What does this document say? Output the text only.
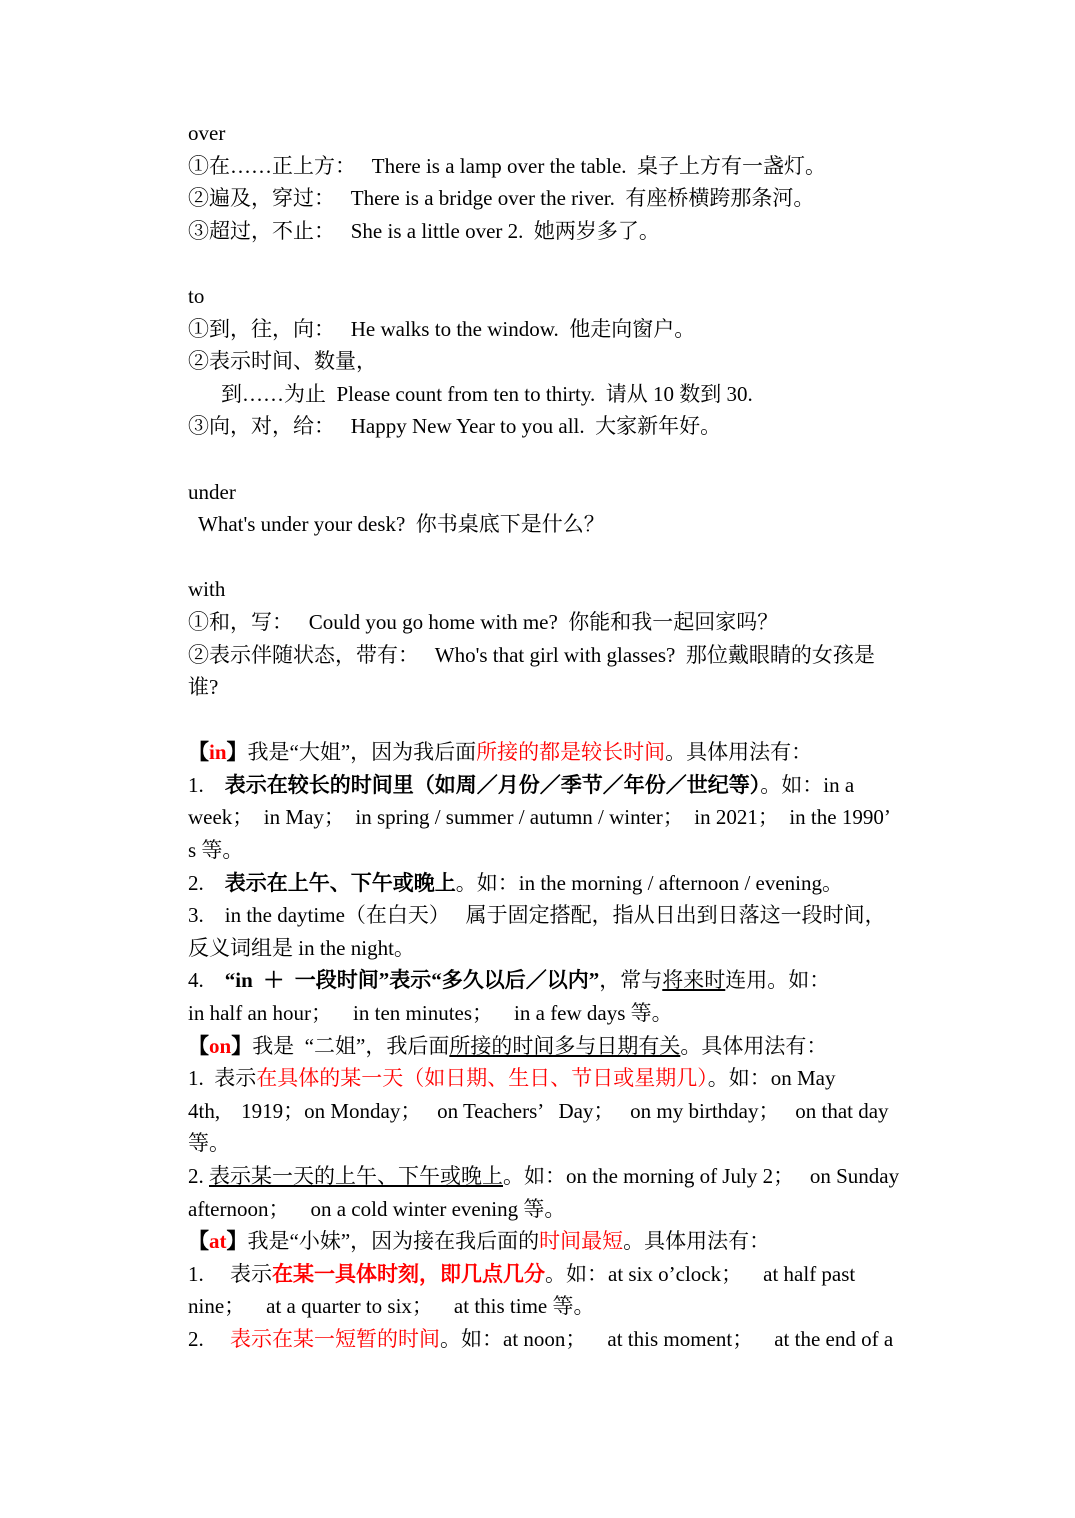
over
①在……正上方：   There is a lamp over the table.  桌子上方有一盏灯。
②遍及，穿过：   There is a bridge over the river.  有座桥横跨那条河。
③超过，不止：   She is a little over 2.  她两岁多了。
to
①到，往，向：   He walks to the window.  他走向窗户。
②表示时间、数量，
到……为止  Please count from ten to thirty.  请从 10 数到 30.
③向，对，给：   Happy New Year to you all.  大家新年好。
under
What's under your desk?  你书桌底下是什么？
with
①和，写：   Could you go home with me?  你能和我一起回家吗？
②表示伴随状态，带有：   Who's that girl with glasses?  那位戴眼睛的女孩是
谁?
【in】我是“大姐”，因为我后面所接的都是较长时间。具体用法有：
1.    表示在较长的时间里（如周／月份／季节／年份／世纪等）。如：in a
week；  in May；  in spring / summer / autumn / winter；  in 2021；  in the 1990’
s 等。
2.    表示在上午、下午或晚上。如：in the morning / afternoon / evening。
3.    in the daytime（在白天）   属于固定搭配，指从日出到日落这一段时间，
反义词组是 in the night。
4.    “in  ＋  一段时间”表示“多久以后／以内”，常与将来时连用。如：
in half an hour；    in ten minutes；    in a few days 等。
【on】我是  “二姐”，我后面所接的时间多与日期有关。具体用法有：
1.  表示在具体的某一天（如日期、生日、节日或星期几）。如：on May
4th,    1919；on Monday；   on Teachers’   Day；   on my birthday；   on that day
等。
2. 表示某一天的上午、下午或晚上。如：on the morning of July 2；   on Sunday
afternoon；    on a cold winter evening 等。
【at】我是“小妹”，因为接在我后面的时间最短。具体用法有：
1.     表示在某一具体时刻，即几点几分。如：at six o’clock；    at half past
nine；    at a quarter to six；    at this time 等。
2.     表示在某一短暂的时间。如：at noon；    at this moment；    at the end of a
